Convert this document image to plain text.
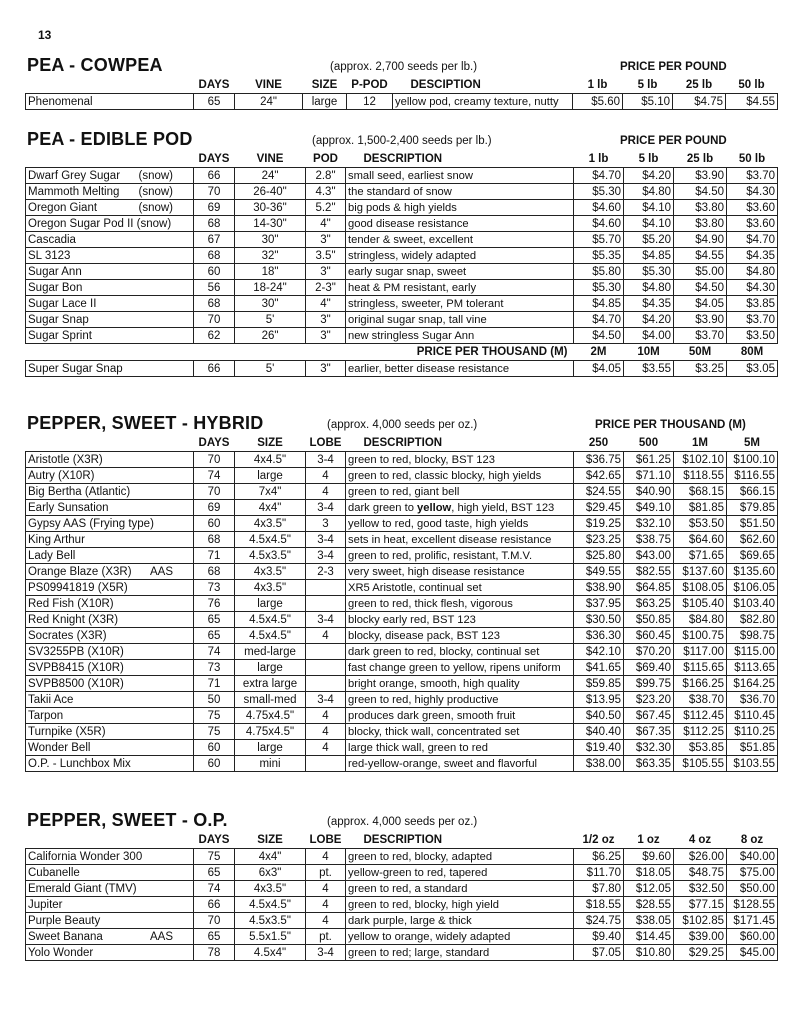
13
PEA - COWPEA	(approx. 2,700 seeds per lb.)	PRICE PER POUND
	DAYS	VINE	SIZE	P-POD	DESCIPTION	1 lb	5 lb	25 lb	50 lb
Phenomenal	65	24"	large	12	yellow pod, creamy texture, nutty	$5.60	$5.10	$4.75	$4.55
PEA - EDIBLE POD	(approx. 1,500-2,400 seeds per lb.)	PRICE PER POUND
	DAYS	VINE	POD	DESCRIPTION	1 lb	5 lb	25 lb	50 lb
Dwarf Grey Sugar (snow)	66	24"	2.8"	small seed, earliest snow	$4.70	$4.20	$3.90	$3.70
Mammoth Melting (snow)	70	26-40"	4.3"	the standard of snow	$5.30	$4.80	$4.50	$4.30
Oregon Giant (snow)	69	30-36"	5.2"	big pods & high yields	$4.60	$4.10	$3.80	$3.60
Oregon Sugar Pod II (snow)	68	14-30"	4"	good disease resistance	$4.60	$4.10	$3.80	$3.60
Cascadia	67	30"	3"	tender & sweet, excellent	$5.70	$5.20	$4.90	$4.70
SL 3123	68	32"	3.5"	stringless, widely adapted	$5.35	$4.85	$4.55	$4.35
Sugar Ann	60	18"	3"	early sugar snap, sweet	$5.80	$5.30	$5.00	$4.80
Sugar Bon	56	18-24"	2-3"	heat & PM resistant, early	$5.30	$4.80	$4.50	$4.30
Sugar Lace II	68	30"	4"	stringless, sweeter, PM tolerant	$4.85	$4.35	$4.05	$3.85
Sugar Snap	70	5'	3"	original sugar snap, tall vine	$4.70	$4.20	$3.90	$3.70
Sugar Sprint	62	26"	3"	new stringless Sugar Ann	$4.50	$4.00	$3.70	$3.50
PRICE PER THOUSAND (M)					2M	10M	50M	80M
Super Sugar Snap	66	5'	3"	earlier, better disease resistance	$4.05	$3.55	$3.25	$3.05
PEPPER, SWEET - HYBRID	(approx. 4,000 seeds per oz.)	PRICE PER THOUSAND (M)
	DAYS	SIZE	LOBE	DESCRIPTION	250	500	1M	5M
Aristotle (X3R)	70	4x4.5"	3-4	green to red, blocky, BST 123	$36.75	$61.25	$102.10	$100.10
Autry (X10R)	74	large	4	green to red, classic blocky, high yields	$42.65	$71.10	$118.55	$116.55
Big Bertha (Atlantic)	70	7x4"	4	green to red, giant bell	$24.55	$40.90	$68.15	$66.15
Early Sunsation	69	4x4"	3-4	dark green to yellow, high yield, BST 123	$29.45	$49.10	$81.85	$79.85
Gypsy AAS (Frying type)	60	4x3.5"	3	yellow to red, good taste, high yields	$19.25	$32.10	$53.50	$51.50
King Arthur	68	4.5x4.5"	3-4	sets in heat, excellent disease resistance	$23.25	$38.75	$64.60	$62.60
Lady Bell	71	4.5x3.5"	3-4	green to red, prolific, resistant, T.M.V.	$25.80	$43.00	$71.65	$69.65
Orange Blaze (X3R) AAS	68	4x3.5"	2-3	very sweet, high disease resistance	$49.55	$82.55	$137.60	$135.60
PS09941819 (X5R)	73	4x3.5"		XR5 Aristotle, continual set	$38.90	$64.85	$108.05	$106.05
Red Fish (X10R)	76	large		green to red, thick flesh, vigorous	$37.95	$63.25	$105.40	$103.40
Red Knight (X3R)	65	4.5x4.5"	3-4	blocky early red, BST 123	$30.50	$50.85	$84.80	$82.80
Socrates (X3R)	65	4.5x4.5"	4	blocky, disease pack, BST 123	$36.30	$60.45	$100.75	$98.75
SV3255PB (X10R)	74	med-large		dark green to red, blocky, continual set	$42.10	$70.20	$117.00	$115.00
SVPB8415 (X10R)	73	large		fast change green to yellow, ripens uniform	$41.65	$69.40	$115.65	$113.65
SVPB8500 (X10R)	71	extra large		bright orange, smooth, high quality	$59.85	$99.75	$166.25	$164.25
Takii Ace	50	small-med	3-4	green to red, highly productive	$13.95	$23.20	$38.70	$36.70
Tarpon	75	4.75x4.5"	4	produces dark green, smooth fruit	$40.50	$67.45	$112.45	$110.45
Turnpike (X5R)	75	4.75x4.5"	4	blocky, thick wall, concentrated set	$40.40	$67.35	$112.25	$110.25
Wonder Bell	60	large	4	large thick wall, green to red	$19.40	$32.30	$53.85	$51.85
O.P. - Lunchbox Mix	60	mini		red-yellow-orange, sweet and flavorful	$38.00	$63.35	$105.55	$103.55
PEPPER, SWEET - O.P.	(approx. 4,000 seeds per oz.)
	DAYS	SIZE	LOBE	DESCRIPTION	1/2 oz	1 oz	4 oz	8 oz
California Wonder 300	75	4x4"	4	green to red, blocky, adapted	$6.25	$9.60	$26.00	$40.00
Cubanelle	65	6x3"	pt.	yellow-green to red, tapered	$11.70	$18.05	$48.75	$75.00
Emerald Giant (TMV)	74	4x3.5"	4	green to red, a standard	$7.80	$12.05	$32.50	$50.00
Jupiter	66	4.5x4.5"	4	green to red, blocky, high yield	$18.55	$28.55	$77.15	$128.55
Purple Beauty	70	4.5x3.5"	4	dark purple, large & thick	$24.75	$38.05	$102.85	$171.45
Sweet Banana AAS	65	5.5x1.5"	pt.	yellow to orange, widely adapted	$9.40	$14.45	$39.00	$60.00
Yolo Wonder	78	4.5x4"	3-4	green to red; large, standard	$7.05	$10.80	$29.25	$45.00
